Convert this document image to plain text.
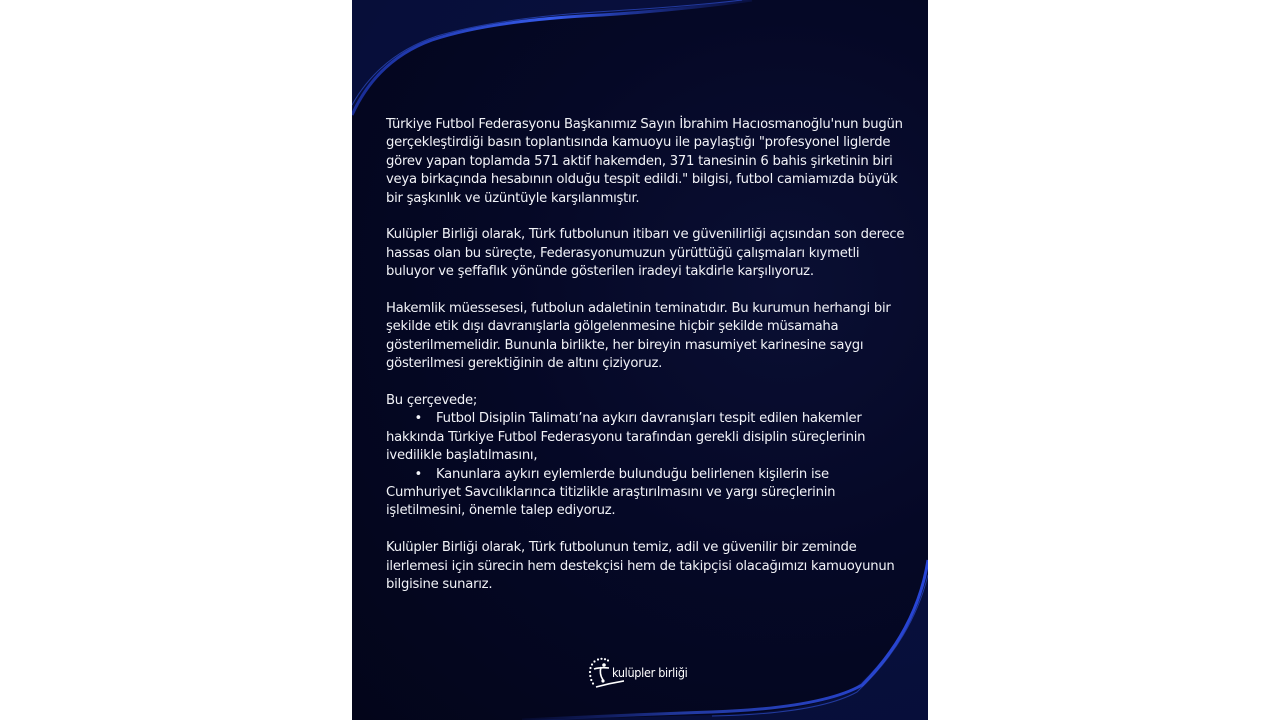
Türkiye Futbol Federasyonu Başkanımız Sayın İbrahim Hacıosmanoğlu'nun bugün gerçekleştirdiği basın toplantısında kamuoyu ile paylaştığı "profesyonel liglerde görev yapan toplamda 571 aktif hakemden, 371 tanesinin 6 bahis şirketinin biri veya birkaçında hesabının olduğu tespit edildi." bilgisi, futbol camiamızda büyük bir şaşkınlık ve üzüntüyle karşılanmıştır.

Kulüpler Birliği olarak, Türk futbolunun itibarı ve güvenilirliği açısından son derece hassas olan bu süreçte, Federasyonumuzun yürüttüğü çalışmaları kıymetli buluyor ve şeffaflık yönünde gösterilen iradeyi takdirle karşılıyoruz.

Hakemlik müessesesi, futbolun adaletinin teminatıdır. Bu kurumun herhangi bir şekilde etik dışı davranışlarla gölgelenmesine hiçbir şekilde müsamaha gösterilmemelidir. Bununla birlikte, her bireyin masumiyet karinesine saygı gösterilmesi gerektiğinin de altını çiziyoruz.

Bu çerçevede;
• Futbol Disiplin Talimatı’na aykırı davranışları tespit edilen hakemler hakkında Türkiye Futbol Federasyonu tarafından gerekli disiplin süreçlerinin ivedilikle başlatılmasını,
• Kanunlara aykırı eylemlerde bulunduğu belirlenen kişilerin ise Cumhuriyet Savcılıklarınca titizlikle araştırılmasını ve yargı süreçlerinin işletilmesini, önemle talep ediyoruz.

Kulüpler Birliği olarak, Türk futbolunun temiz, adil ve güvenilir bir zeminde ilerlemesi için sürecin hem destekçisi hem de takipçisi olacağımızı kamuoyunun bilgisine sunarız.

kulüpler birliği
